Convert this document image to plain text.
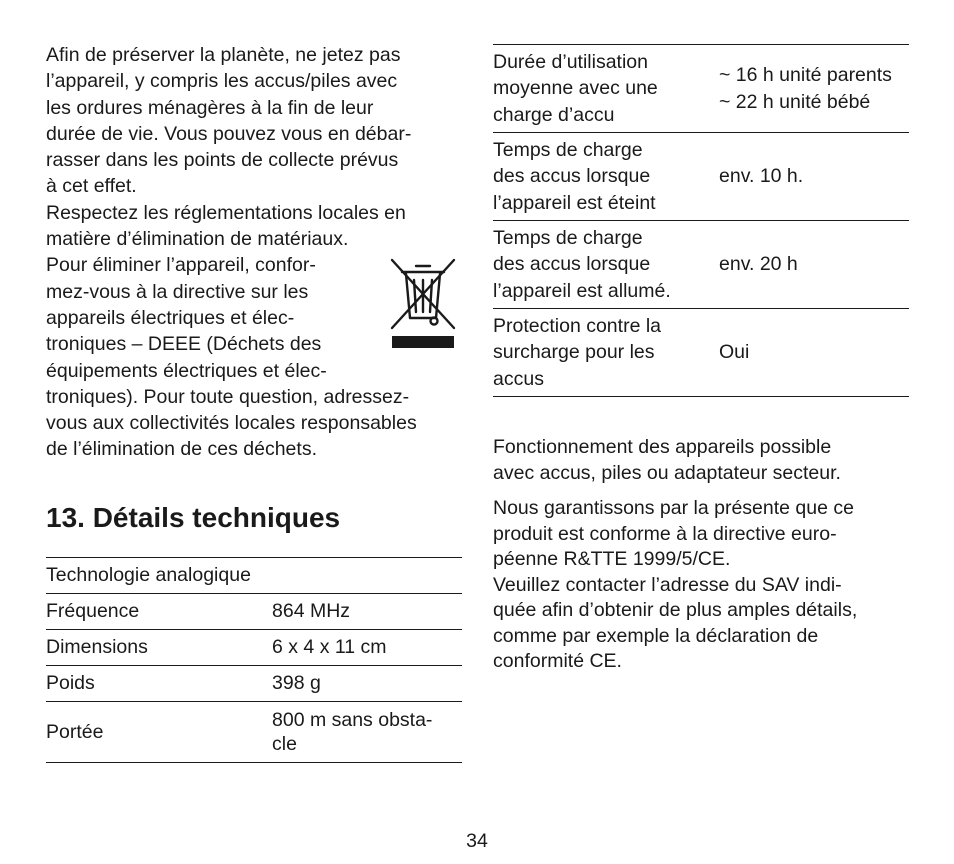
Afin de préserver la planète, ne jetez pas
l’appareil, y compris les accus/piles avec
les ordures ménagères à la fin de leur
durée de vie. Vous pouvez vous en débar-
rasser dans les points de collecte prévus
à cet effet.
Respectez les réglementations locales en
matière d’élimination de matériaux.

Pour éliminer l’appareil, confor-
mez-vous à la directive sur les
appareils électriques et élec-
troniques – DEEE (Déchets des
équipements électriques et élec-
troniques). Pour toute question, adressez-
vous aux collectivités locales responsables
de l’élimination de ces déchets.

13. Détails techniques
Technologie analogique	
Fréquence	864 MHz
Dimensions	6 x 4 x 11 cm
Poids	398 g
Portée	800 m sans obsta-
cle
Durée d’utilisation
moyenne avec une
charge d’accu	~ 16 h unité parents
~ 22 h unité bébé

Temps de charge
des accus lorsque
l’appareil est éteint	env. 10 h.

Temps de charge
des accus lorsque
l’appareil est allumé.	env. 20 h

Protection contre la
surcharge pour les
accus	Oui

Fonctionnement des appareils possible
avec accus, piles ou adaptateur secteur.

Nous garantissons par la présente que ce
produit est conforme à la directive euro-
péenne R&TTE 1999/5/CE.
Veuillez contacter l’adresse du SAV indi-
quée afin d’obtenir de plus amples détails,
comme par exemple la déclaration de
conformité CE.

34
